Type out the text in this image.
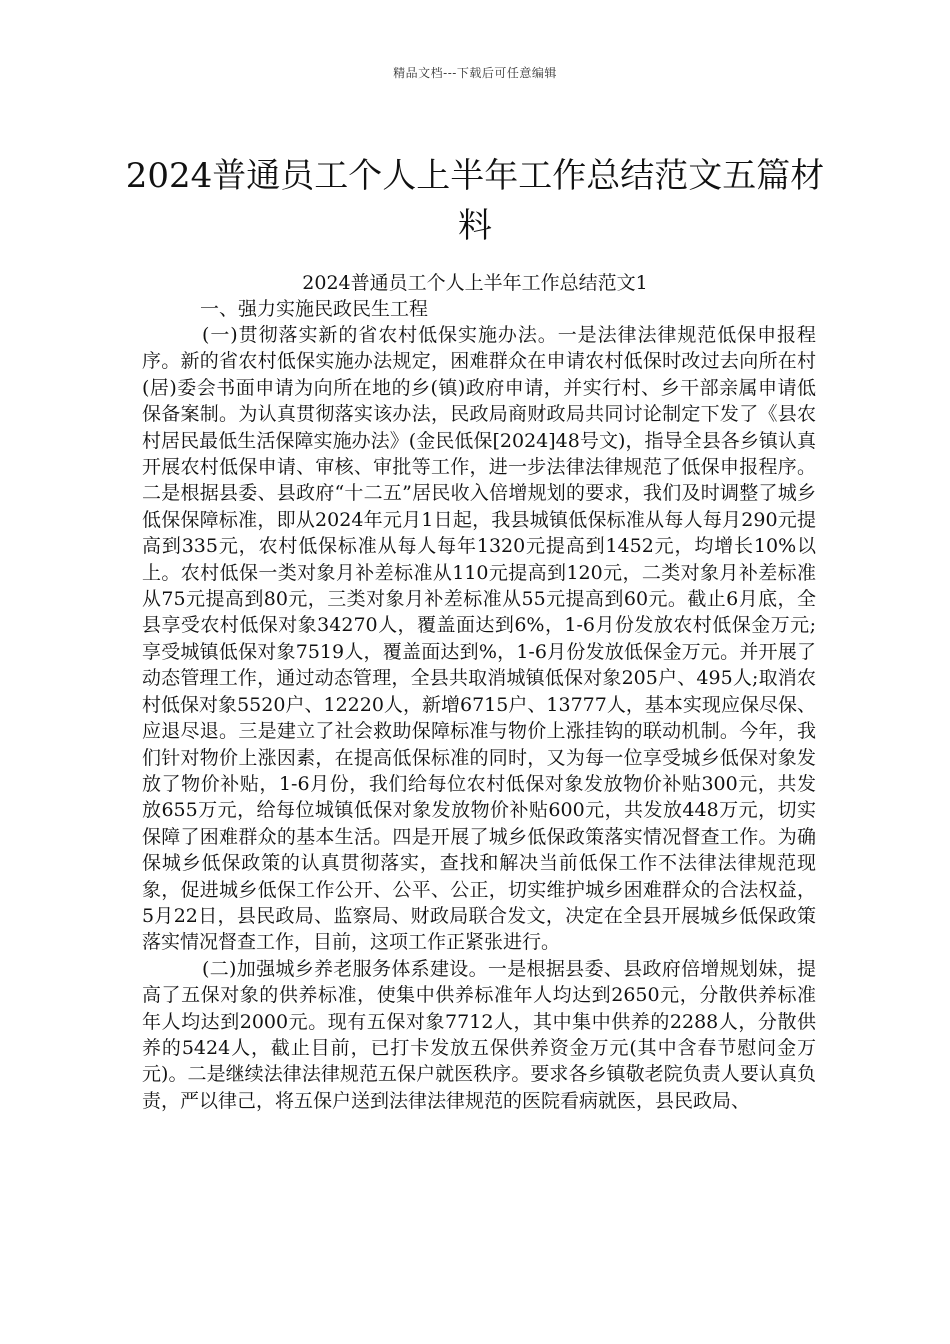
精品文档---下载后可任意编辑
2024普通员工个人上半年工作总结范文五篇材料
2024普通员工个人上半年工作总结范文1
一、强力实施民政民生工程

(一)贯彻落实新的省农村低保实施办法。一是法律法律规范低保申报程序。新的省农村低保实施办法规定，困难群众在申请农村低保时改过去向所在村(居)委会书面申请为向所在地的乡(镇)政府申请，并实行村、乡干部亲属申请低保备案制。为认真贯彻落实该办法，民政局商财政局共同讨论制定下发了《县农村居民最低生活保障实施办法》(金民低保[2024]48号文)，指导全县各乡镇认真开展农村低保申请、审核、审批等工作，进一步法律法律规范了低保申报程序。二是根据县委、县政府“十二五”居民收入倍增规划的要求，我们及时调整了城乡低保保障标准，即从2024年元月1日起，我县城镇低保标准从每人每月290元提高到335元，农村低保标准从每人每年1320元提高到1452元，均增长10%以上。农村低保一类对象月补差标准从110元提高到120元，二类对象月补差标准从75元提高到80元，三类对象月补差标准从55元提高到60元。截止6月底，全县享受农村低保对象34270人，覆盖面达到6%，1-6月份发放农村低保金万元;享受城镇低保对象7519人，覆盖面达到%，1-6月份发放低保金万元。并开展了动态管理工作，通过动态管理，全县共取消城镇低保对象205户、495人;取消农村低保对象5520户、12220人，新增6715户、13777人，基本实现应保尽保、应退尽退。三是建立了社会救助保障标准与物价上涨挂钩的联动机制。今年，我们针对物价上涨因素，在提高低保标准的同时，又为每一位享受城乡低保对象发放了物价补贴，1-6月份，我们给每位农村低保对象发放物价补贴300元，共发放655万元，给每位城镇低保对象发放物价补贴600元，共发放448万元，切实保障了困难群众的基本生活。四是开展了城乡低保政策落实情况督查工作。为确保城乡低保政策的认真贯彻落实，查找和解决当前低保工作不法律法律规范现象，促进城乡低保工作公开、公平、公正，切实维护城乡困难群众的合法权益，5月22日，县民政局、监察局、财政局联合发文，决定在全县开展城乡低保政策落实情况督查工作，目前，这项工作正紧张进行。

(二)加强城乡养老服务体系建设。一是根据县委、县政府倍增规划妹，提高了五保对象的供养标准，使集中供养标准年人均达到2650元，分散供养标准年人均达到2000元。现有五保对象7712人，其中集中供养的2288人，分散供养的5424人，截止目前，已打卡发放五保供养资金万元(其中含春节慰问金万元)。二是继续法律法律规范五保户就医秩序。要求各乡镇敬老院负责人要认真负责，严以律己，将五保户送到法律法律规范的医院看病就医，县民政局、
